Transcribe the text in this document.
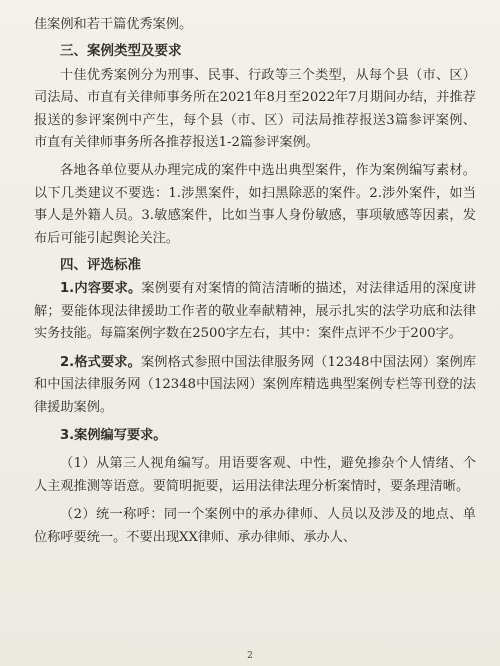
佳案例和若干篇优秀案例。

三、案例类型及要求

十佳优秀案例分为刑事、民事、行政等三个类型，从每个县（市、区）司法局、市直有关律师事务所在2021年8月至2022年7月期间办结，并推荐报送的参评案例中产生，每个县（市、区）司法局推荐报送3篇参评案例、市直有关律师事务所各推荐报送1-2篇参评案例。

各地各单位要从办理完成的案件中选出典型案件，作为案例编写素材。以下几类建议不要选：1.涉黑案件，如扫黑除恶的案件。2.涉外案件，如当事人是外籍人员。3.敏感案件，比如当事人身份敏感，事项敏感等因素，发布后可能引起舆论关注。

四、评选标准

1.内容要求。案例要有对案情的简洁清晰的描述，对法律适用的深度讲解；要能体现法律援助工作者的敬业奉献精神，展示扎实的法学功底和法律实务技能。每篇案例字数在2500字左右，其中：案件点评不少于200字。

2.格式要求。案例格式参照中国法律服务网（12348中国法网）案例库和中国法律服务网（12348中国法网）案例库精选典型案例专栏等刊登的法律援助案例。

3.案例编写要求。

（1）从第三人视角编写。用语要客观、中性，避免掺杂个人情绪、个人主观推测等语意。要简明扼要，运用法律法理分析案情时，要条理清晰。

（2）统一称呼：同一个案例中的承办律师、人员以及涉及的地点、单位称呼要统一。不要出现XX律师、承办律师、承办人、

2
